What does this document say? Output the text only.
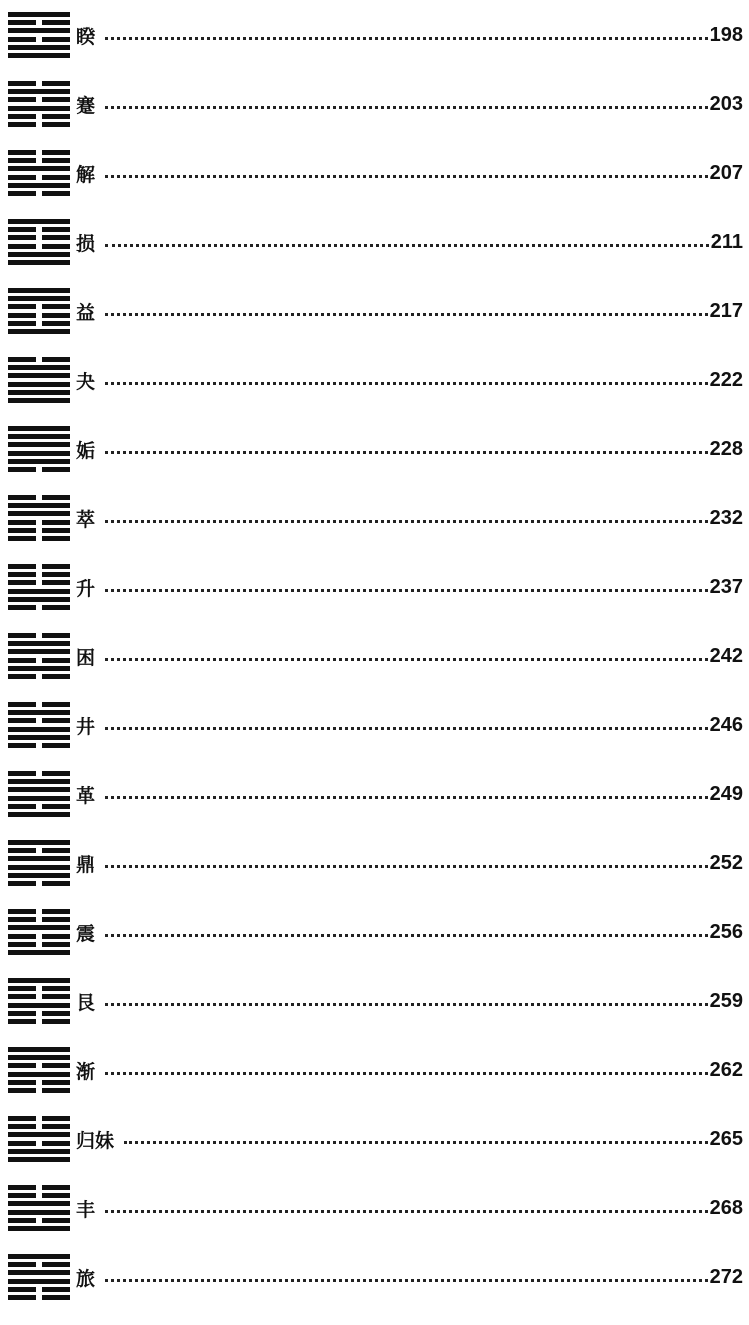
睽	198
蹇	203
解	207
损	211
益	217
夬	222
姤	228
萃	232
升	237
困	242
井	246
革	249
鼎	252
震	256
艮	259
渐	262
归妹	265
丰	268
旅	272
